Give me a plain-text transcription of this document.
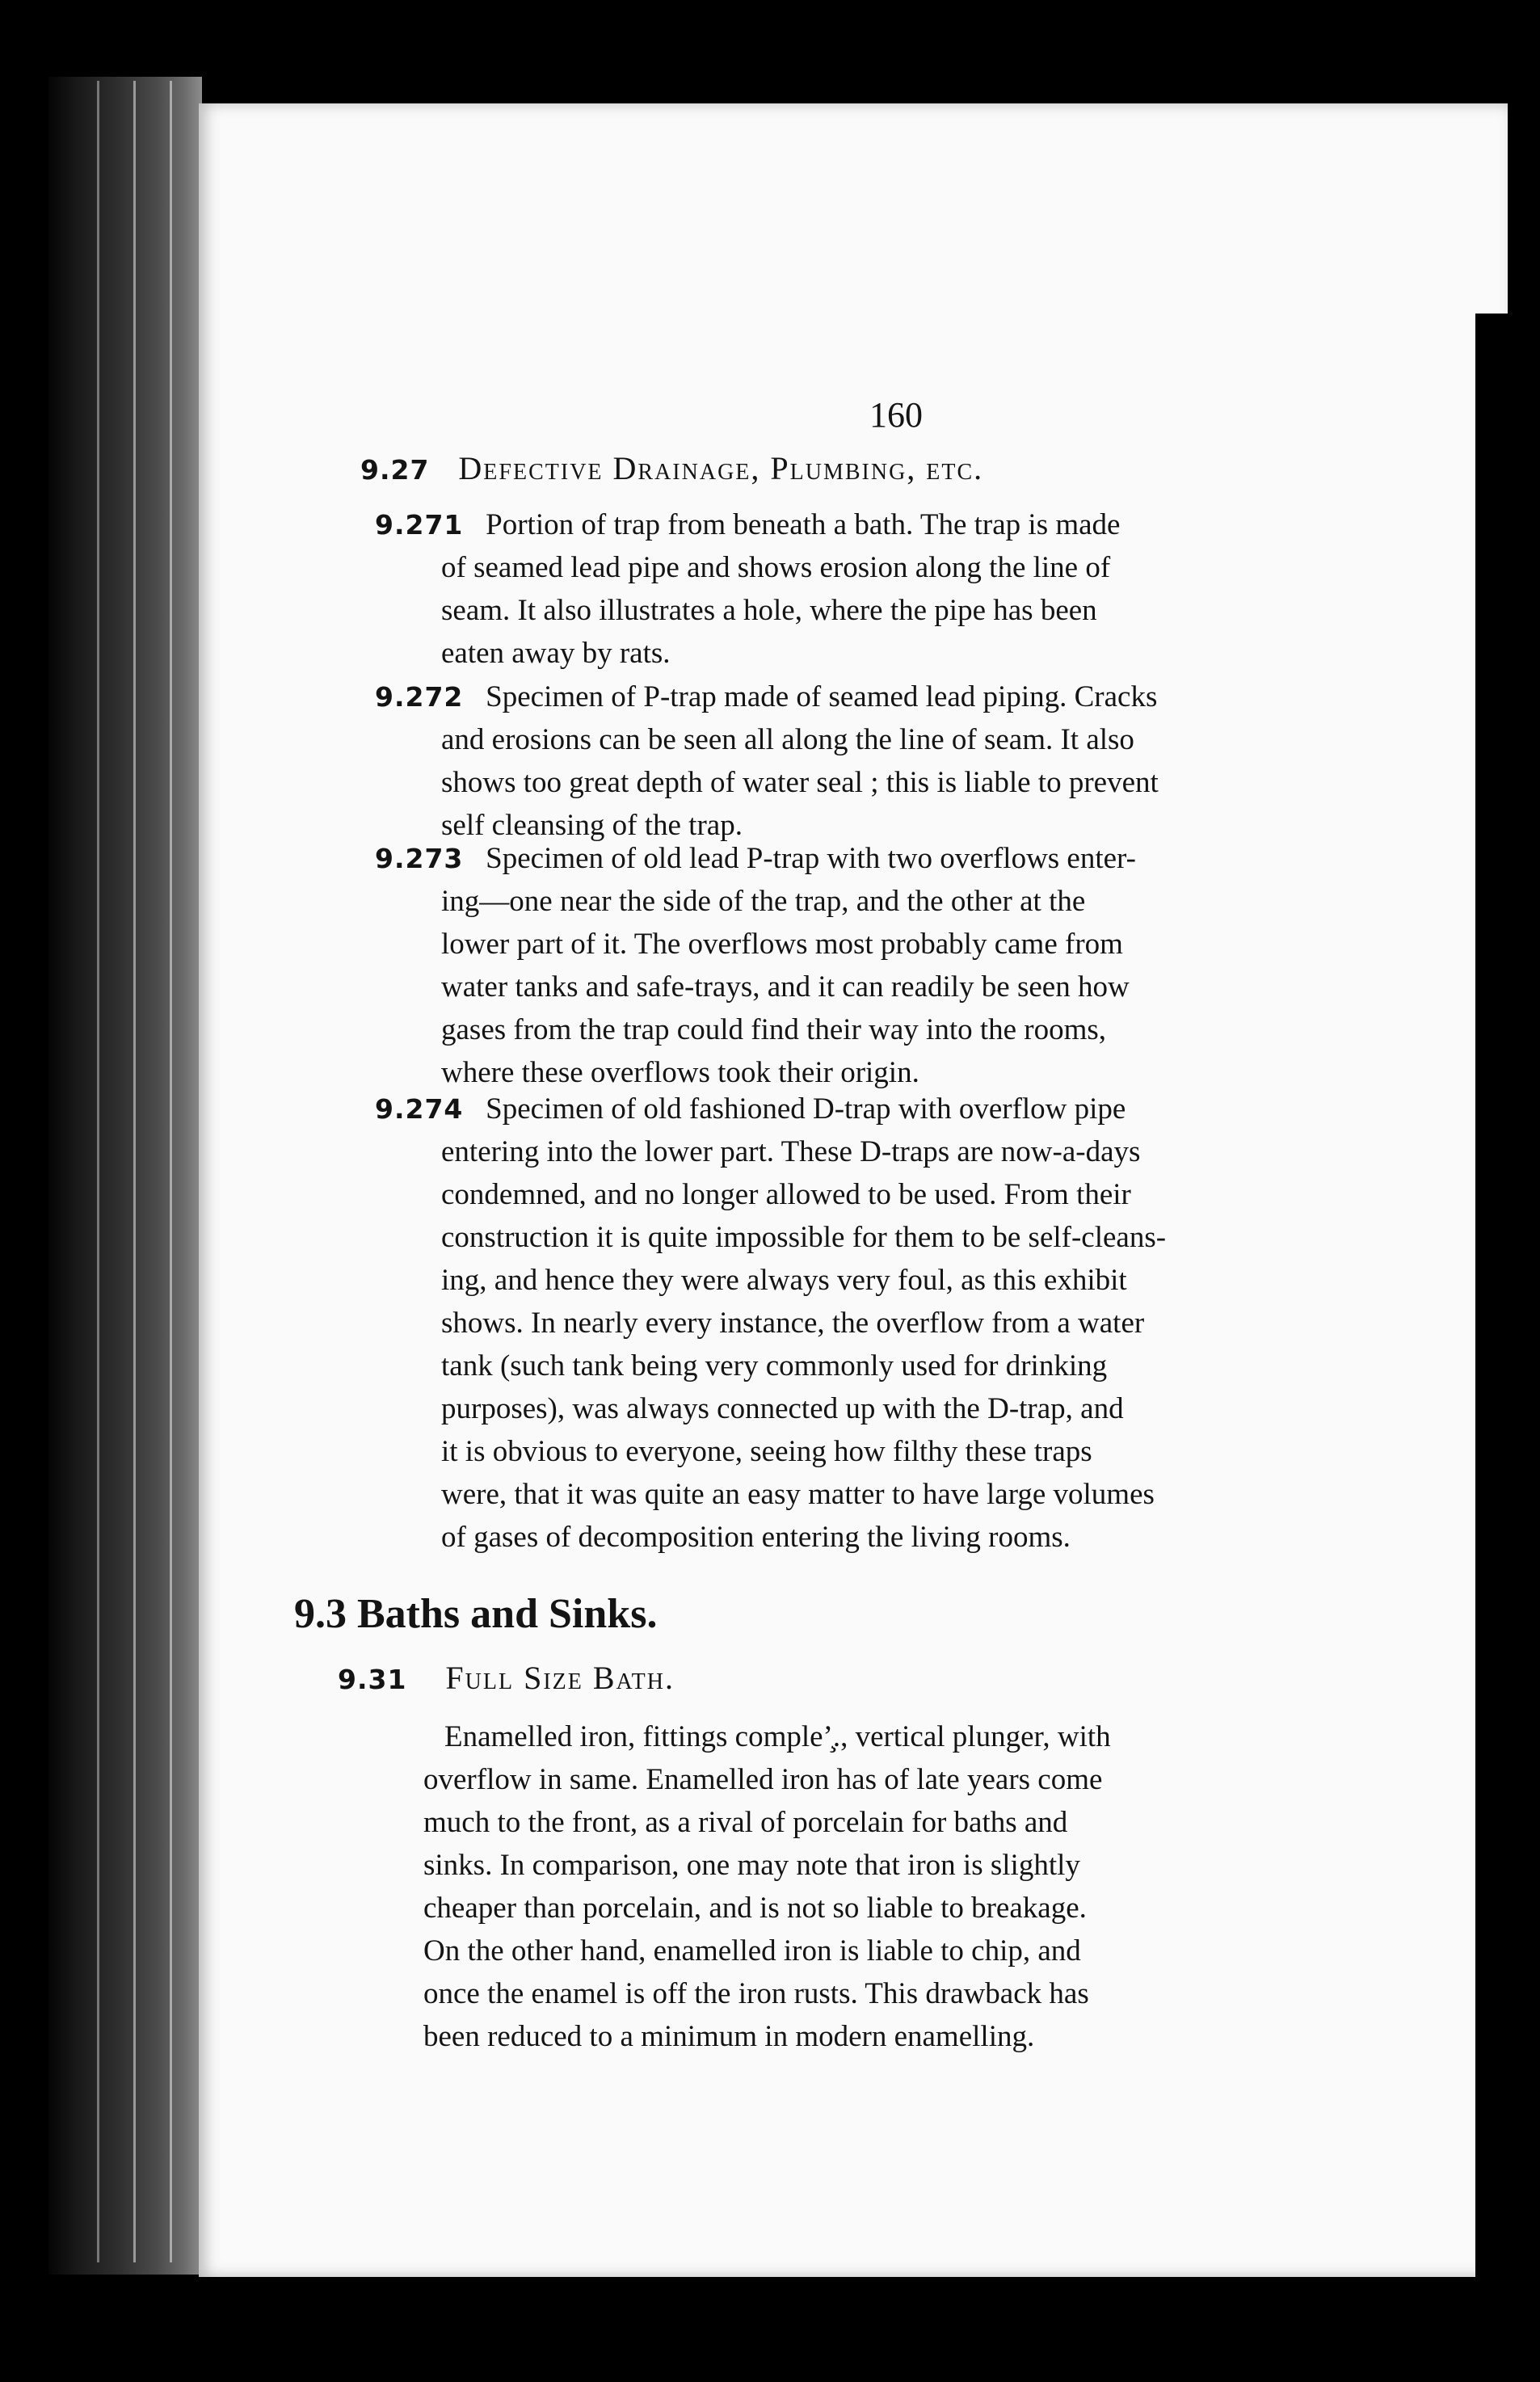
160
9.27 Defective Drainage, Plumbing, etc.
9.271 Portion of trap from beneath a bath. The trap is made
of seamed lead pipe and shows erosion along the line of
seam. It also illustrates a hole, where the pipe has been
eaten away by rats.
9.272 Specimen of P-trap made of seamed lead piping. Cracks
and erosions can be seen all along the line of seam. It also
shows too great depth of water seal ; this is liable to prevent
self cleansing of the trap.
9.273 Specimen of old lead P-trap with two overflows enter-
ing—one near the side of the trap, and the other at the
lower part of it. The overflows most probably came from
water tanks and safe-trays, and it can readily be seen how
gases from the trap could find their way into the rooms,
where these overflows took their origin.
9.274 Specimen of old fashioned D-trap with overflow pipe
entering into the lower part. These D-traps are now-a-days
condemned, and no longer allowed to be used. From their
construction it is quite impossible for them to be self-cleans-
ing, and hence they were always very foul, as this exhibit
shows. In nearly every instance, the overflow from a water
tank (such tank being very commonly used for drinking
purposes), was always connected up with the D-trap, and
it is obvious to everyone, seeing how filthy these traps
were, that it was quite an easy matter to have large volumes
of gases of decomposition entering the living rooms.
9.3 Baths and Sinks.
9.31 Full Size Bath.
Enamelled iron, fittings comple’̧., vertical plunger, with
overflow in same. Enamelled iron has of late years come
much to the front, as a rival of porcelain for baths and
sinks. In comparison, one may note that iron is slightly
cheaper than porcelain, and is not so liable to breakage.
On the other hand, enamelled iron is liable to chip, and
once the enamel is off the iron rusts. This drawback has
been reduced to a minimum in modern enamelling.
